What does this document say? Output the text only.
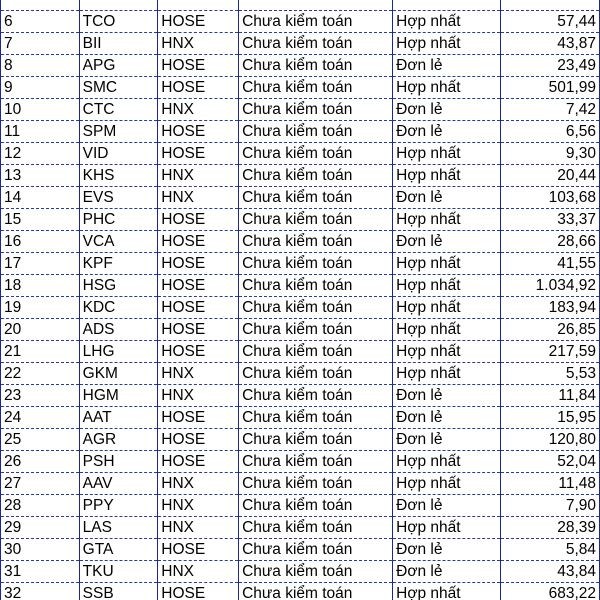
6	TCO	HOSE	Chưa kiểm toán	Hợp nhất	57,44
7	BII	HNX	Chưa kiểm toán	Hợp nhất	43,87
8	APG	HOSE	Chưa kiểm toán	Đơn lẻ	23,49
9	SMC	HOSE	Chưa kiểm toán	Hợp nhất	501,99
10	CTC	HNX	Chưa kiểm toán	Đơn lẻ	7,42
11	SPM	HOSE	Chưa kiểm toán	Đơn lẻ	6,56
12	VID	HOSE	Chưa kiểm toán	Hợp nhất	9,30
13	KHS	HNX	Chưa kiểm toán	Hợp nhất	20,44
14	EVS	HNX	Chưa kiểm toán	Đơn lẻ	103,68
15	PHC	HOSE	Chưa kiểm toán	Hợp nhất	33,37
16	VCA	HOSE	Chưa kiểm toán	Đơn lẻ	28,66
17	KPF	HOSE	Chưa kiểm toán	Hợp nhất	41,55
18	HSG	HOSE	Chưa kiểm toán	Hợp nhất	1.034,92
19	KDC	HOSE	Chưa kiểm toán	Hợp nhất	183,94
20	ADS	HOSE	Chưa kiểm toán	Hợp nhất	26,85
21	LHG	HOSE	Chưa kiểm toán	Hợp nhất	217,59
22	GKM	HNX	Chưa kiểm toán	Hợp nhất	5,53
23	HGM	HNX	Chưa kiểm toán	Đơn lẻ	11,84
24	AAT	HOSE	Chưa kiểm toán	Đơn lẻ	15,95
25	AGR	HOSE	Chưa kiểm toán	Đơn lẻ	120,80
26	PSH	HOSE	Chưa kiểm toán	Hợp nhất	52,04
27	AAV	HNX	Chưa kiểm toán	Hợp nhất	11,48
28	PPY	HNX	Chưa kiểm toán	Đơn lẻ	7,90
29	LAS	HNX	Chưa kiểm toán	Hợp nhất	28,39
30	GTA	HOSE	Chưa kiểm toán	Đơn lẻ	5,84
31	TKU	HNX	Chưa kiểm toán	Đơn lẻ	43,84
32	SSB	HOSE	Chưa kiểm toán	Hợp nhất	683,22
